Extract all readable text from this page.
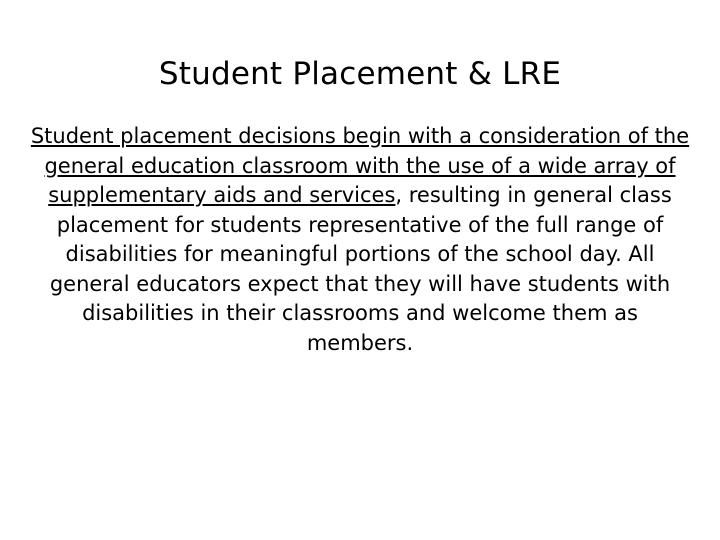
Student Placement & LRE
Student placement decisions begin with a consideration of the general education classroom with the use of a wide array of supplementary aids and services, resulting in general class placement for students representative of the full range of disabilities for meaningful portions of the school day. All general educators expect that they will have students with disabilities in their classrooms and welcome them as members.
